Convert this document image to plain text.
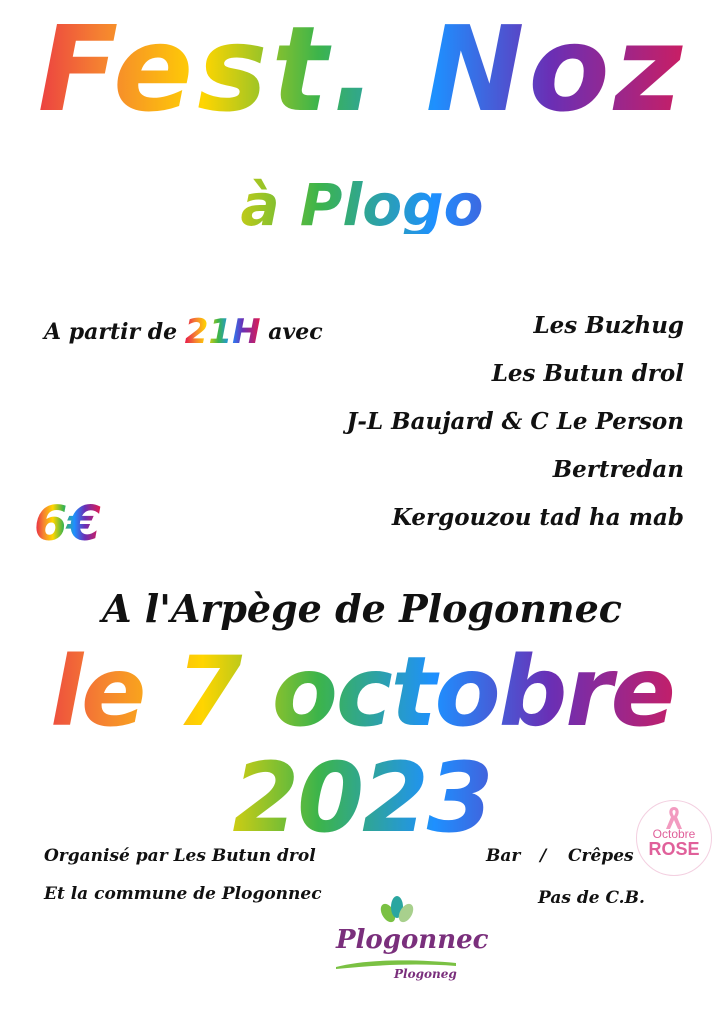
Fest. Noz
à Plogo
A partir de 21H avec	Les Buzhug
Les Butun drol
J-L Baujard & C Le Person
Bertredan
Kergouzou tad ha mab
6€
A l'Arpège de Plogonnec
le 7 octobre 2023
Organisé par Les Butun drol
Et la commune de Plogonnec
Bar / Crêpes
Pas de C.B.
Octobre
ROSE
Plogonnec
Plogoneg
